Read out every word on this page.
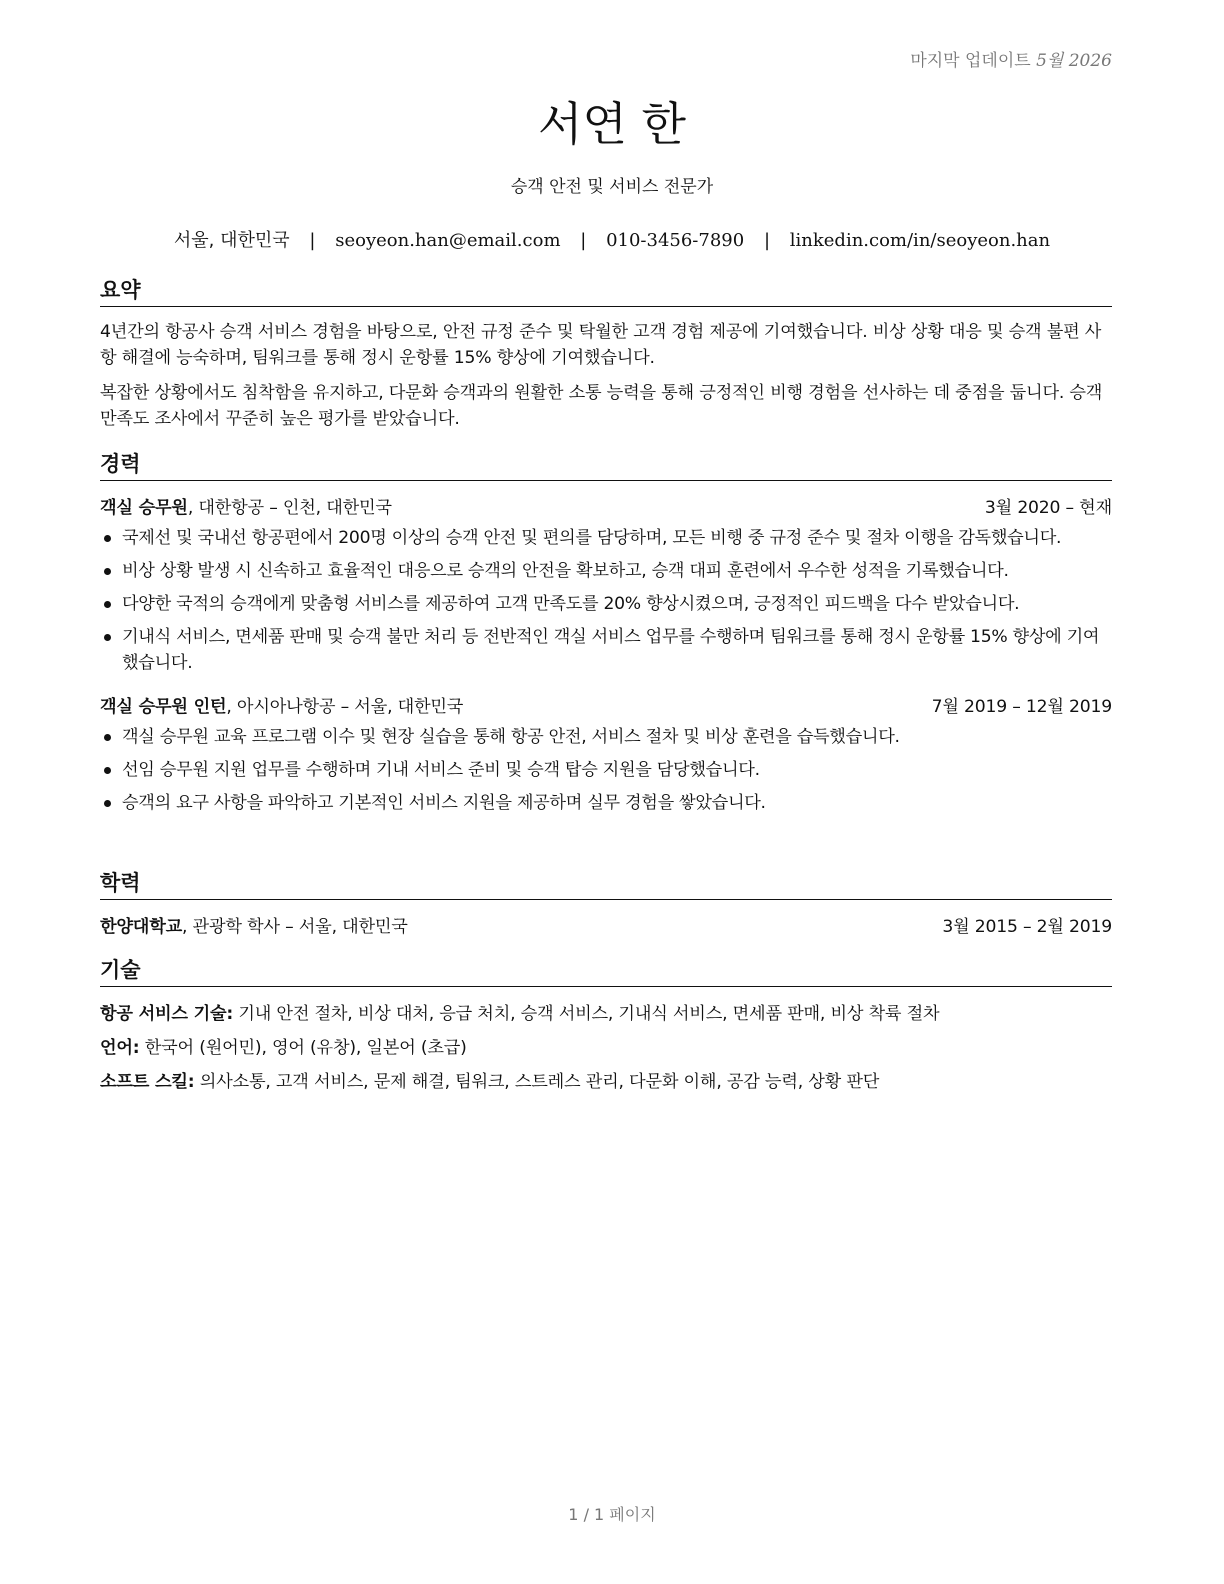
마지막 업데이트 5월 2026
서연 한
승객 안전 및 서비스 전문가
서울, 대한민국 | seoyeon.han@email.com | 010-3456-7890 | linkedin.com/in/seoyeon.han
요약

4년간의 항공사 승객 서비스 경험을 바탕으로, 안전 규정 준수 및 탁월한 고객 경험 제공에 기여했습니다. 비상 상황 대응 및 승객 불편 사항 해결에 능숙하며, 팀워크를 통해 정시 운항률 15% 향상에 기여했습니다.

복잡한 상황에서도 침착함을 유지하고, 다문화 승객과의 원활한 소통 능력을 통해 긍정적인 비행 경험을 선사하는 데 중점을 둡니다. 승객 만족도 조사에서 꾸준히 높은 평가를 받았습니다.

경력
객실 승무원, 대한항공 – 인천, 대한민국	3월 2020 – 현재
국제선 및 국내선 항공편에서 200명 이상의 승객 안전 및 편의를 담당하며, 모든 비행 중 규정 준수 및 절차 이행을 감독했습니다.
비상 상황 발생 시 신속하고 효율적인 대응으로 승객의 안전을 확보하고, 승객 대피 훈련에서 우수한 성적을 기록했습니다.
다양한 국적의 승객에게 맞춤형 서비스를 제공하여 고객 만족도를 20% 향상시켰으며, 긍정적인 피드백을 다수 받았습니다.
기내식 서비스, 면세품 판매 및 승객 불만 처리 등 전반적인 객실 서비스 업무를 수행하며 팀워크를 통해 정시 운항률 15% 향상에 기여했습니다.
객실 승무원 인턴, 아시아나항공 – 서울, 대한민국	7월 2019 – 12월 2019
객실 승무원 교육 프로그램 이수 및 현장 실습을 통해 항공 안전, 서비스 절차 및 비상 훈련을 습득했습니다.
선임 승무원 지원 업무를 수행하며 기내 서비스 준비 및 승객 탑승 지원을 담당했습니다.
승객의 요구 사항을 파악하고 기본적인 서비스 지원을 제공하며 실무 경험을 쌓았습니다.
학력
한양대학교, 관광학 학사 – 서울, 대한민국	3월 2015 – 2월 2019
기술
항공 서비스 기술: 기내 안전 절차, 비상 대처, 응급 처치, 승객 서비스, 기내식 서비스, 면세품 판매, 비상 착륙 절차
언어: 한국어 (원어민), 영어 (유창), 일본어 (초급)
소프트 스킬: 의사소통, 고객 서비스, 문제 해결, 팀워크, 스트레스 관리, 다문화 이해, 공감 능력, 상황 판단
1 / 1 페이지
